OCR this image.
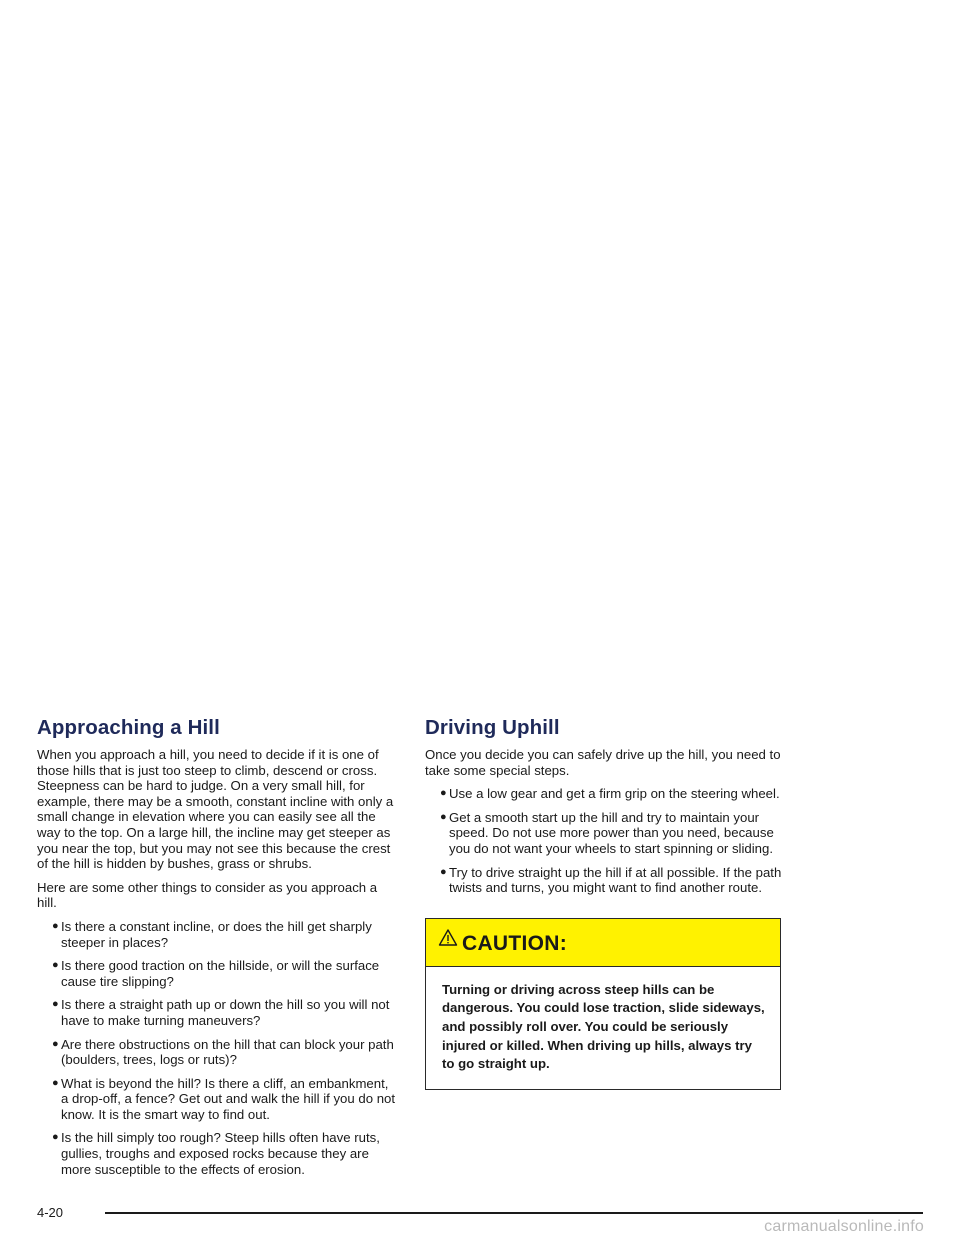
Approaching a Hill

When you approach a hill, you need to decide if it is one of those hills that is just too steep to climb, descend or cross. Steepness can be hard to judge. On a very small hill, for example, there may be a smooth, constant incline with only a small change in elevation where you can easily see all the way to the top. On a large hill, the incline may get steeper as you near the top, but you may not see this because the crest of the hill is hidden by bushes, grass or shrubs.

Here are some other things to consider as you approach a hill.

● Is there a constant incline, or does the hill get sharply steeper in places?
● Is there good traction on the hillside, or will the surface cause tire slipping?
● Is there a straight path up or down the hill so you will not have to make turning maneuvers?
● Are there obstructions on the hill that can block your path (boulders, trees, logs or ruts)?
● What is beyond the hill? Is there a cliff, an embankment, a drop-off, a fence? Get out and walk the hill if you do not know. It is the smart way to find out.
● Is the hill simply too rough? Steep hills often have ruts, gullies, troughs and exposed rocks because they are more susceptible to the effects of erosion.
Driving Uphill

Once you decide you can safely drive up the hill, you need to take some special steps.

● Use a low gear and get a firm grip on the steering wheel.
● Get a smooth start up the hill and try to maintain your speed. Do not use more power than you need, because you do not want your wheels to start spinning or sliding.
● Try to drive straight up the hill if at all possible. If the path twists and turns, you might want to find another route.
CAUTION:
Turning or driving across steep hills can be dangerous. You could lose traction, slide sideways, and possibly roll over. You could be seriously injured or killed. When driving up hills, always try to go straight up.
4-20
carmanualsonline.info
